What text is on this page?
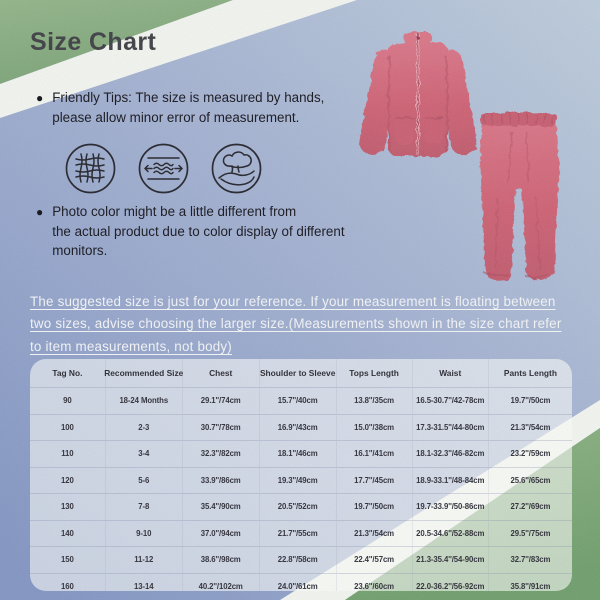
Size Chart
● Friendly Tips: The size is measured by hands,
please allow minor error of measurement.
● Photo color might be a little different from
the actual product due to color display of different
monitors.
The suggested size is just for your reference. If your measurement is floating between
two sizes, advise choosing the larger size.(Measurements shown in the size chart refer
to item measurements, not body)
Tag No.	Recommended Size	Chest	Shoulder to Sleeve	Tops Length	Waist	Pants Length
90	18-24 Months	29.1''/74cm	15.7''/40cm	13.8''/35cm	16.5-30.7''/42-78cm	19.7''/50cm
100	2-3	30.7''/78cm	16.9''/43cm	15.0''/38cm	17.3-31.5''/44-80cm	21.3''/54cm
110	3-4	32.3''/82cm	18.1''/46cm	16.1''/41cm	18.1-32.3''/46-82cm	23.2''/59cm
120	5-6	33.9''/86cm	19.3''/49cm	17.7''/45cm	18.9-33.1''/48-84cm	25.6''/65cm
130	7-8	35.4''/90cm	20.5''/52cm	19.7''/50cm	19.7-33.9''/50-86cm	27.2''/69cm
140	9-10	37.0''/94cm	21.7''/55cm	21.3''/54cm	20.5-34.6''/52-88cm	29.5''/75cm
150	11-12	38.6''/98cm	22.8''/58cm	22.4''/57cm	21.3-35.4''/54-90cm	32.7''/83cm
160	13-14	40.2''/102cm	24.0''/61cm	23.6''/60cm	22.0-36.2''/56-92cm	35.8''/91cm
